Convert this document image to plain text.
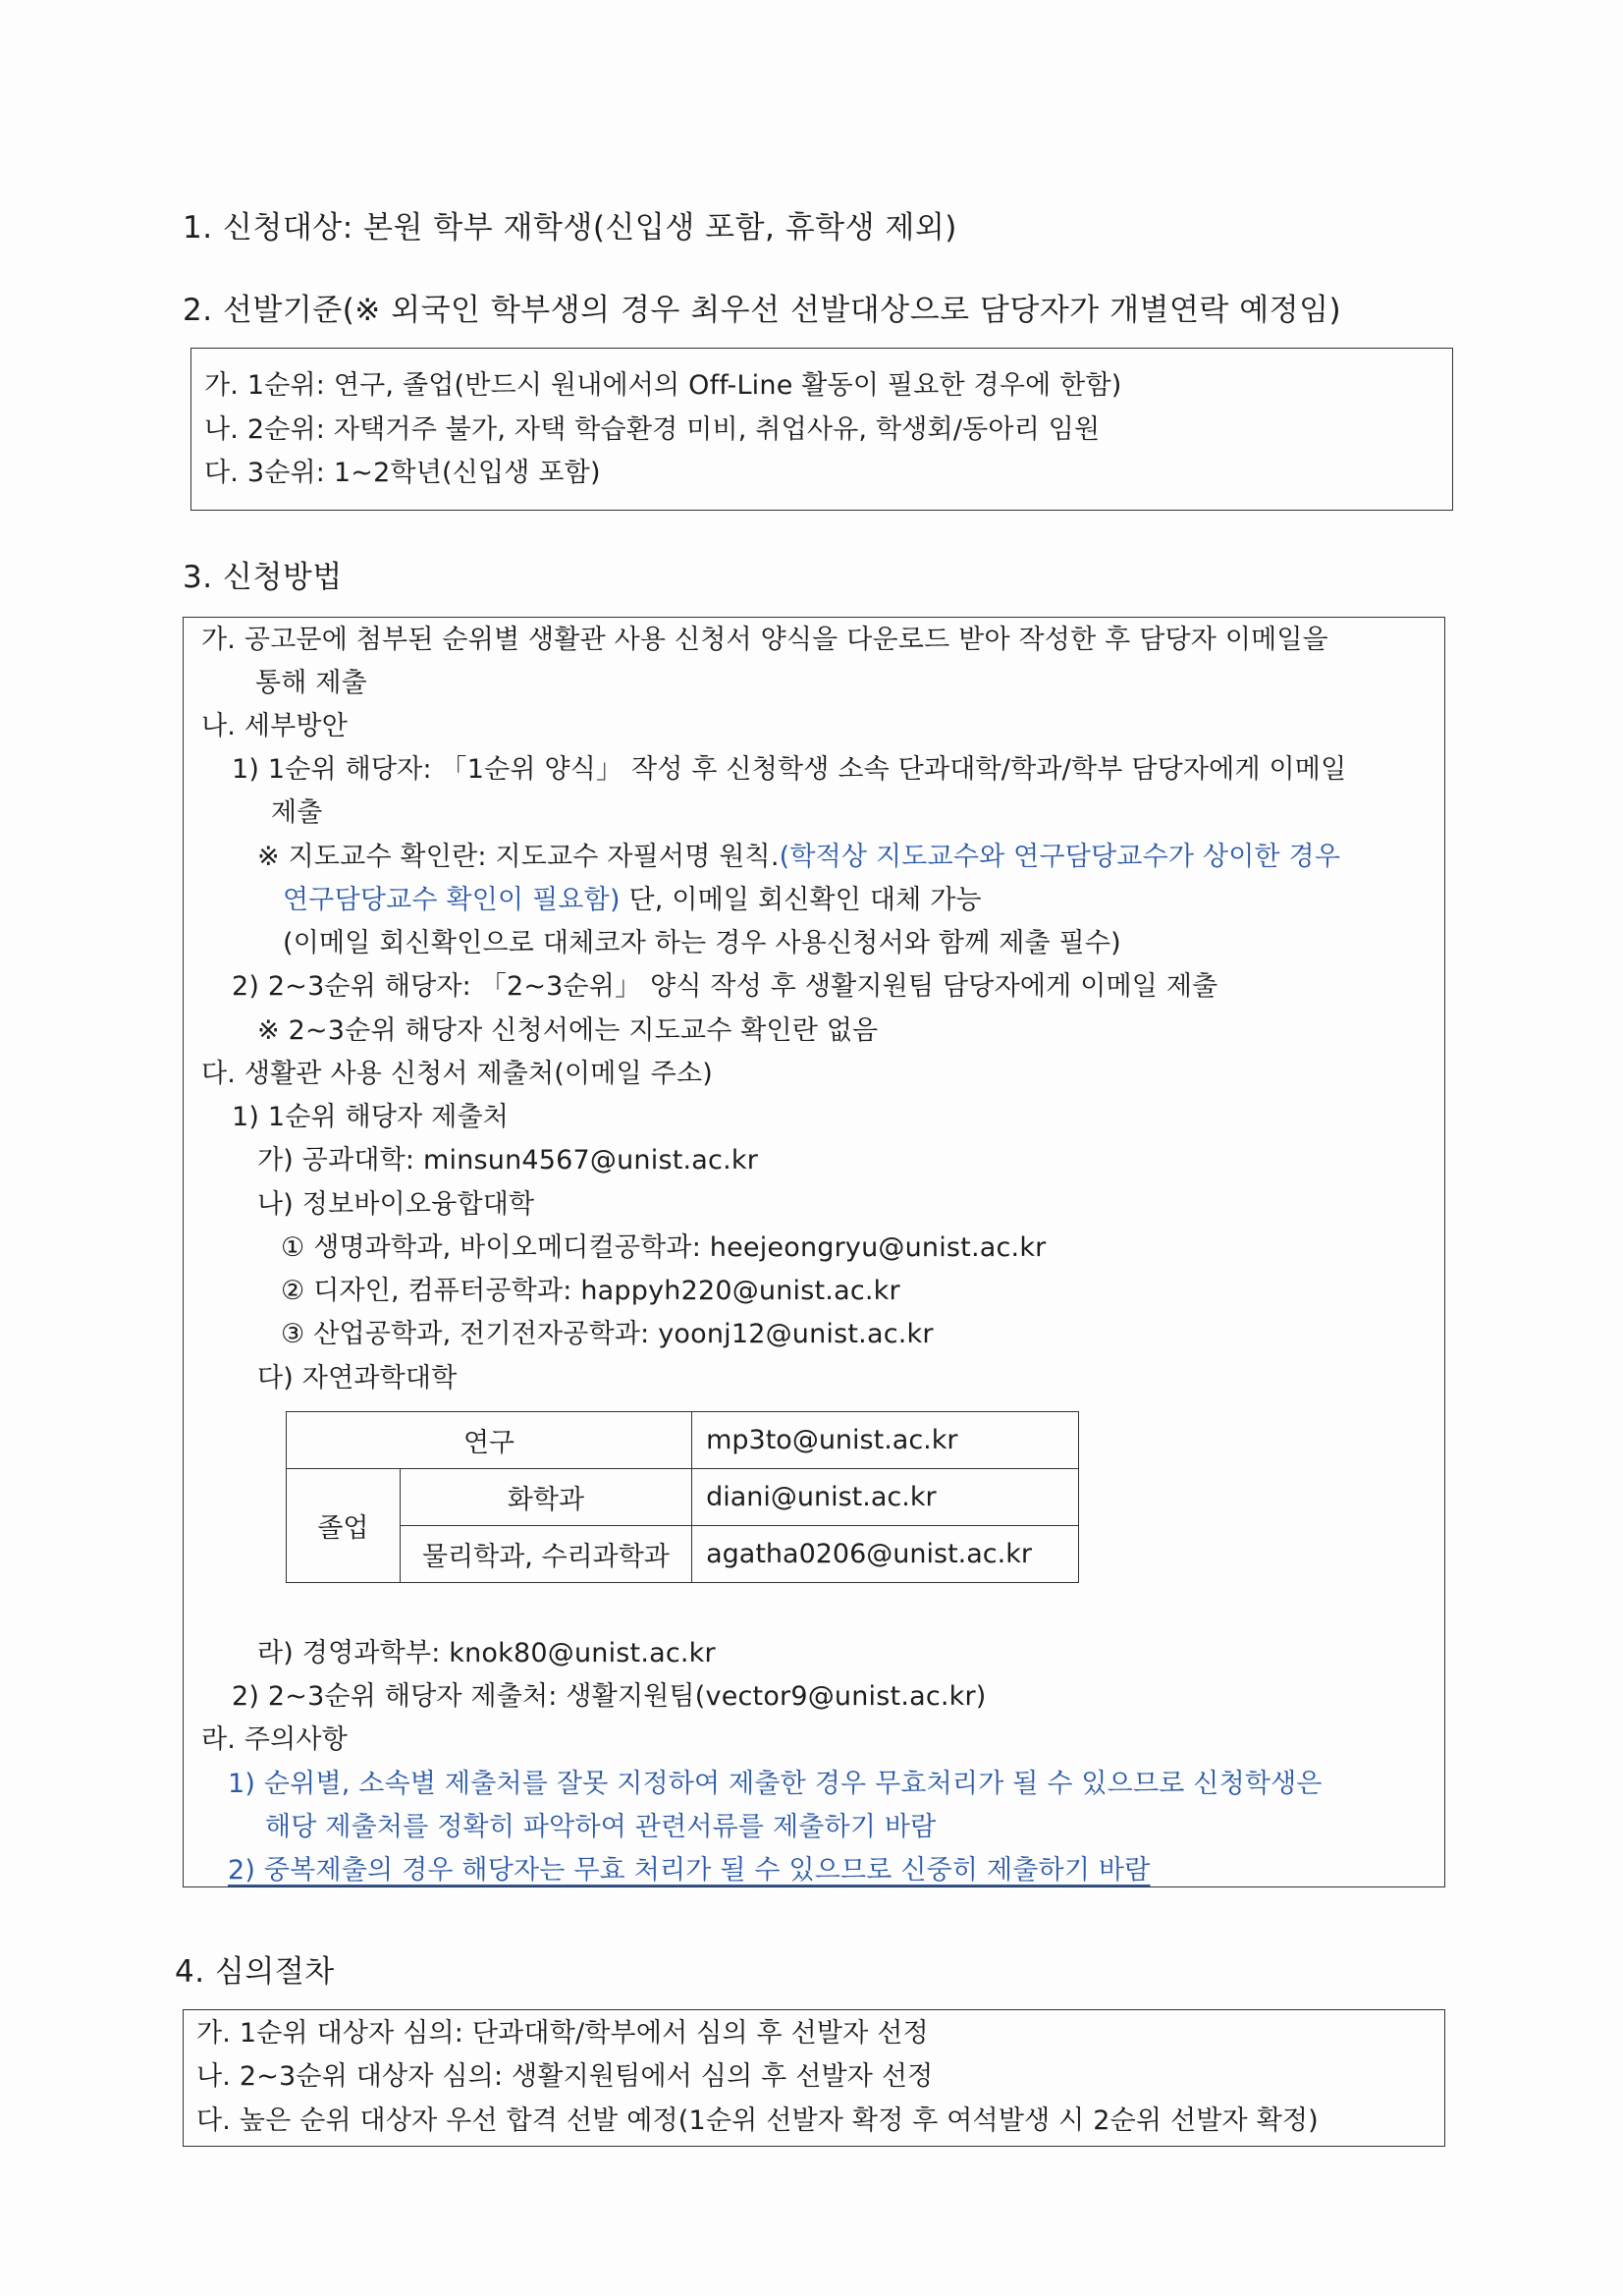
1. 신청대상: 본원 학부 재학생(신입생 포함, 휴학생 제외)
2. 선발기준(※ 외국인 학부생의 경우 최우선 선발대상으로 담당자가 개별연락 예정임)
가. 1순위: 연구, 졸업(반드시 원내에서의 Off-Line 활동이 필요한 경우에 한함)
나. 2순위: 자택거주 불가, 자택 학습환경 미비, 취업사유, 학생회/동아리 임원
다. 3순위: 1~2학년(신입생 포함)
3. 신청방법
가. 공고문에 첨부된 순위별 생활관 사용 신청서 양식을 다운로드 받아 작성한 후 담당자 이메일을
통해 제출
나. 세부방안
1) 1순위 해당자: 「1순위 양식」 작성 후 신청학생 소속 단과대학/학과/학부 담당자에게 이메일
제출
※ 지도교수 확인란: 지도교수 자필서명 원칙.(학적상 지도교수와 연구담당교수가 상이한 경우
연구담당교수 확인이 필요함) 단, 이메일 회신확인 대체 가능
(이메일 회신확인으로 대체코자 하는 경우 사용신청서와 함께 제출 필수)
2) 2~3순위 해당자: 「2~3순위」 양식 작성 후 생활지원팀 담당자에게 이메일 제출
※ 2~3순위 해당자 신청서에는 지도교수 확인란 없음
다. 생활관 사용 신청서 제출처(이메일 주소)
1) 1순위 해당자 제출처
가) 공과대학: minsun4567@unist.ac.kr
나) 정보바이오융합대학
① 생명과학과, 바이오메디컬공학과: heejeongryu@unist.ac.kr
② 디자인, 컴퓨터공학과: happyh220@unist.ac.kr
③ 산업공학과, 전기전자공학과: yoonj12@unist.ac.kr
다) 자연과학대학
연구		mp3to@unist.ac.kr
졸업	화학과	diani@unist.ac.kr
	물리학과, 수리과학과	agatha0206@unist.ac.kr
라) 경영과학부: knok80@unist.ac.kr
2) 2~3순위 해당자 제출처: 생활지원팀(vector9@unist.ac.kr)
라. 주의사항
1) 순위별, 소속별 제출처를 잘못 지정하여 제출한 경우 무효처리가 될 수 있으므로 신청학생은
해당 제출처를 정확히 파악하여 관련서류를 제출하기 바람
2) 중복제출의 경우 해당자는 무효 처리가 될 수 있으므로 신중히 제출하기 바람
4. 심의절차
가. 1순위 대상자 심의: 단과대학/학부에서 심의 후 선발자 선정
나. 2~3순위 대상자 심의: 생활지원팀에서 심의 후 선발자 선정
다. 높은 순위 대상자 우선 합격 선발 예정(1순위 선발자 확정 후 여석발생 시 2순위 선발자 확정)
